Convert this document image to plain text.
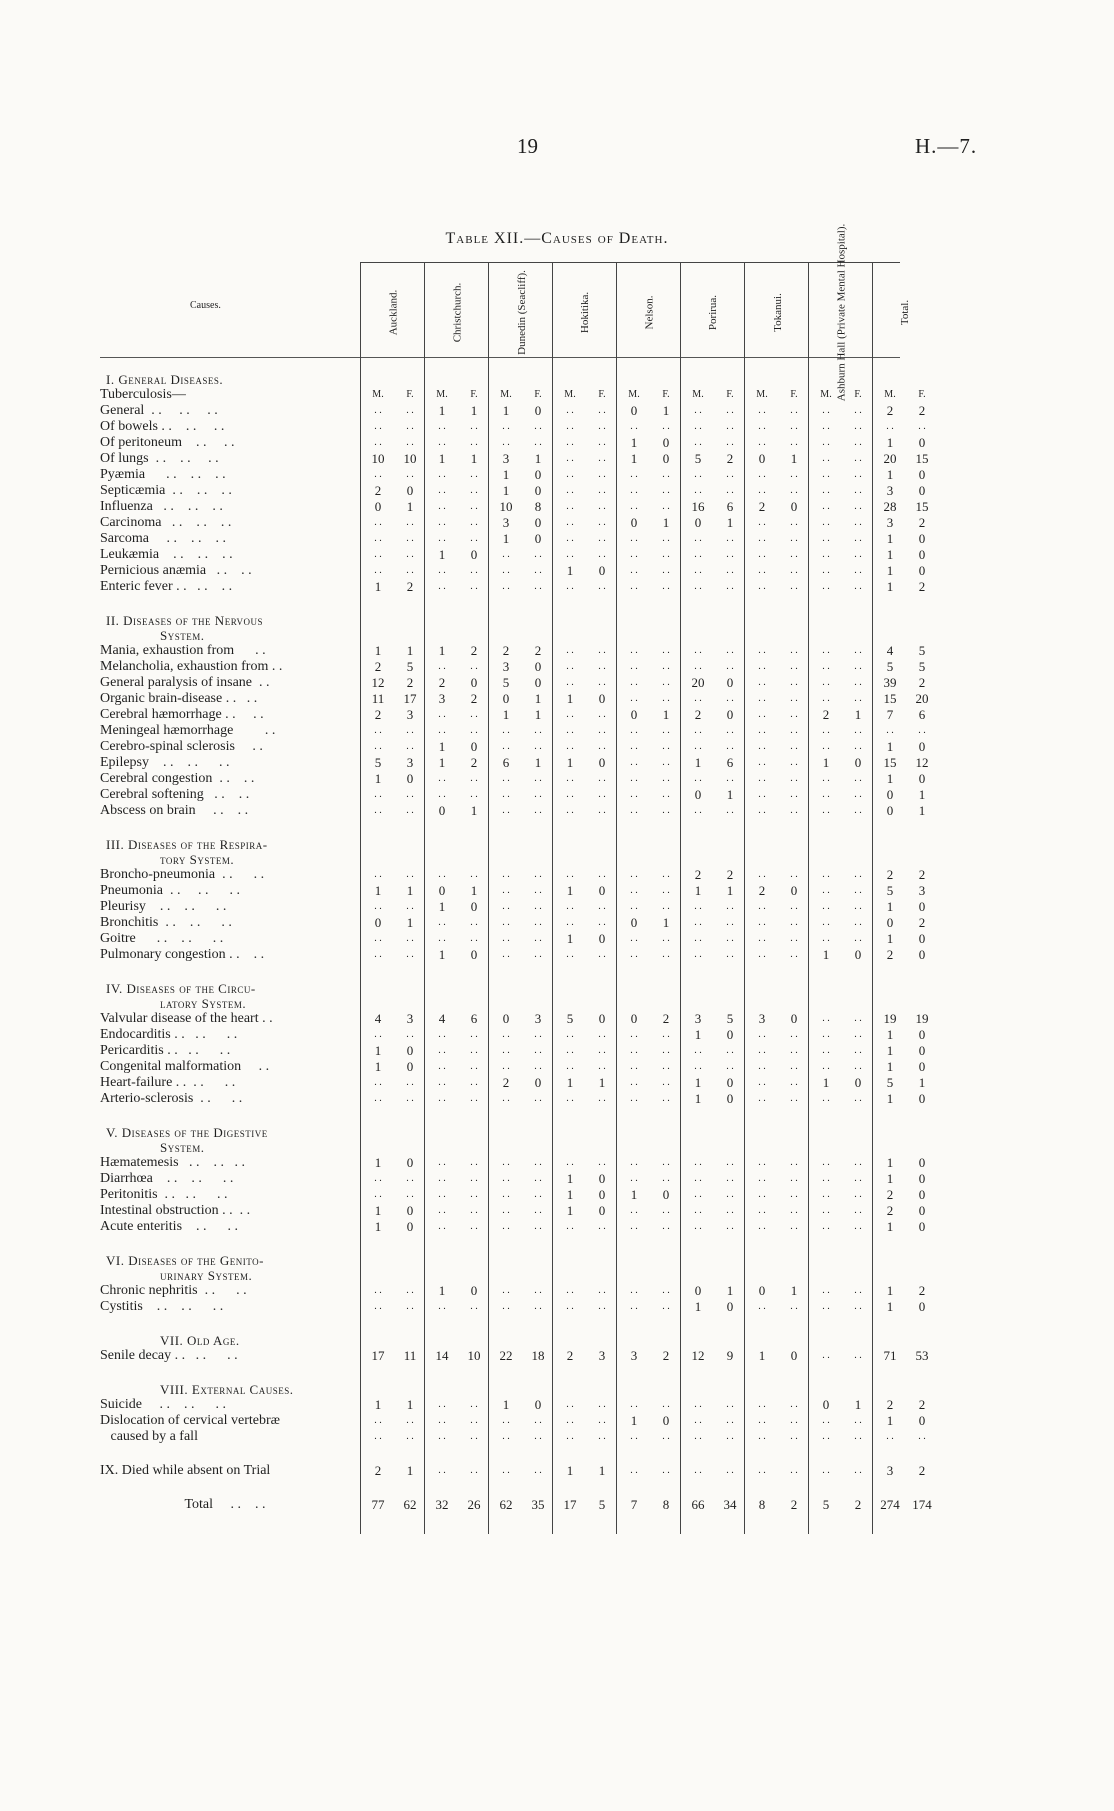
19	H.—7.
Table XII.—Causes of Death.
Causes.	Auckland.	Christchurch.	Dunedin (Seacliff).	Hokitika.	Nelson.	Porirua.	Tokanui.	Ashburn Hall (Private Mental Hospital).	Total.
I. General Diseases.
Tuberculosis—	M.	F.	M.	F.	M.	F.	M.	F.	M.	F.	M.	F.	M.	F.	M.	F.	M.	F.
General  . .     . .     . .	. .	. .	1	1	1	0	. .	. .	0	1	. .	. .	. .	. .	. .	. .	2	2
Of bowels . .    . .     . .	. .	. .	. .	. .	. .	. .	. .	. .	. .	. .	. .	. .	. .	. .	. .	. .	. .	. .
Of peritoneum    . .     . .	. .	. .	. .	. .	. .	. .	. .	. .	1	0	. .	. .	. .	. .	. .	. .	1	0
Of lungs  . .    . .     . .	10	10	1	1	3	1	. .	. .	1	0	5	2	0	1	. .	. .	20	15
Pyæmia      . .    . .    . .	. .	. .	. .	. .	1	0	. .	. .	. .	. .	. .	. .	. .	. .	. .	. .	1	0
Septicæmia  . .    . .    . .	2	0	. .	. .	1	0	. .	. .	. .	. .	. .	. .	. .	. .	. .	. .	3	0
Influenza   . .    . .    . .	0	1	. .	. .	10	8	. .	. .	. .	. .	16	6	2	0	. .	. .	28	15
Carcinoma   . .    . .    . .	. .	. .	. .	. .	3	0	. .	. .	0	1	0	1	. .	. .	. .	. .	3	2
Sarcoma     . .    . .    . .	. .	. .	. .	. .	1	0	. .	. .	. .	. .	. .	. .	. .	. .	. .	. .	1	0
Leukæmia    . .    . .    . .	. .	. .	1	0	. .	. .	. .	. .	. .	. .	. .	. .	. .	. .	. .	. .	1	0
Pernicious anæmia   . .    . .	. .	. .	. .	. .	. .	. .	1	0	. .	. .	. .	. .	. .	. .	. .	. .	1	0
Enteric fever . .   . .    . .	1	2	. .	. .	. .	. .	. .	. .	. .	. .	. .	. .	. .	. .	. .	. .	1	2
II. Diseases of the Nervous
System.
Mania, exhaustion from      . .	1	1	1	2	2	2	. .	. .	. .	. .	. .	. .	. .	. .	. .	. .	4	5
Melancholia, exhaustion from . .	2	5	. .	. .	3	0	. .	. .	. .	. .	. .	. .	. .	. .	. .	. .	5	5
General paralysis of insane  . .	12	2	2	0	5	0	. .	. .	. .	. .	20	0	. .	. .	. .	. .	39	2
Organic brain-disease . .   . .	11	17	3	2	0	1	1	0	. .	. .	. .	. .	. .	. .	. .	. .	15	20
Cerebral hæmorrhage . .     . .	2	3	. .	. .	1	1	. .	. .	0	1	2	0	. .	. .	2	1	7	6
Meningeal hæmorrhage         . .	. .	. .	. .	. .	. .	. .	. .	. .	. .	. .	. .	. .	. .	. .	. .	. .	. .	. .
Cerebro-spinal sclerosis     . .	. .	. .	1	0	. .	. .	. .	. .	. .	. .	. .	. .	. .	. .	. .	. .	1	0
Epilepsy    . .    . .      . .	5	3	1	2	6	1	1	0	. .	. .	1	6	. .	. .	1	0	15	12
Cerebral congestion  . .    . .	1	0	. .	. .	. .	. .	. .	. .	. .	. .	. .	. .	. .	. .	. .	. .	1	0
Cerebral softening   . .    . .	. .	. .	. .	. .	. .	. .	. .	. .	. .	. .	0	1	. .	. .	. .	. .	0	1
Abscess on brain     . .    . .	. .	. .	0	1	. .	. .	. .	. .	. .	. .	. .	. .	. .	. .	. .	. .	0	1
III. Diseases of the Respira-
tory System.
Broncho-pneumonia  . .      . .	. .	. .	. .	. .	. .	. .	. .	. .	. .	. .	2	2	. .	. .	. .	. .	2	2
Pneumonia  . .     . .      . .	1	1	0	1	. .	. .	1	0	. .	. .	1	1	2	0	. .	. .	5	3
Pleurisy    . .    . .      . .	. .	. .	1	0	. .	. .	. .	. .	. .	. .	. .	. .	. .	. .	. .	. .	1	0
Bronchitis  . .    . .      . .	0	1	. .	. .	. .	. .	. .	. .	0	1	. .	. .	. .	. .	. .	. .	0	2
Goitre      . .    . .      . .	. .	. .	. .	. .	. .	. .	1	0	. .	. .	. .	. .	. .	. .	. .	. .	1	0
Pulmonary congestion . .    . .	. .	. .	1	0	. .	. .	. .	. .	. .	. .	. .	. .	. .	. .	1	0	2	0
IV. Diseases of the Circu-
latory System.
Valvular disease of the heart . .	4	3	4	6	0	3	5	0	0	2	3	5	3	0	. .	. .	19	19
Endocarditis . .   . .      . .	. .	. .	. .	. .	. .	. .	. .	. .	. .	. .	1	0	. .	. .	. .	. .	1	0
Pericarditis . .   . .      . .	1	0	. .	. .	. .	. .	. .	. .	. .	. .	. .	. .	. .	. .	. .	. .	1	0
Congenital malformation     . .	1	0	. .	. .	. .	. .	. .	. .	. .	. .	. .	. .	. .	. .	. .	. .	1	0
Heart-failure . .  . .      . .	. .	. .	. .	. .	2	0	1	1	. .	. .	1	0	. .	. .	1	0	5	1
Arterio-sclerosis  . .      . .	. .	. .	. .	. .	. .	. .	. .	. .	. .	. .	1	0	. .	. .	. .	. .	1	0
V. Diseases of the Digestive
System.
Hæmatemesis   . .    . .   . .	1	0	. .	. .	. .	. .	. .	. .	. .	. .	. .	. .	. .	. .	. .	. .	1	0
Diarrhœa    . .    . .      . .	. .	. .	. .	. .	. .	. .	1	0	. .	. .	. .	. .	. .	. .	. .	. .	1	0
Peritonitis  . .   . .      . .	. .	. .	. .	. .	. .	. .	1	0	1	0	. .	. .	. .	. .	. .	. .	2	0
Intestinal obstruction . .  . .	1	0	. .	. .	. .	. .	1	0	. .	. .	. .	. .	. .	. .	. .	. .	2	0
Acute enteritis    . .      . .	1	0	. .	. .	. .	. .	. .	. .	. .	. .	. .	. .	. .	. .	. .	. .	1	0
VI. Diseases of the Genito-
urinary System.
Chronic nephritis  . .      . .	. .	. .	1	0	. .	. .	. .	. .	. .	. .	0	1	0	1	. .	. .	1	2
Cystitis    . .    . .      . .	. .	. .	. .	. .	. .	. .	. .	. .	. .	. .	1	0	. .	. .	. .	. .	1	0
VII. Old Age.
Senile decay . .   . .      . .	17	11	14	10	22	18	2	3	3	2	12	9	1	0	. .	. .	71	53
VIII. External Causes.
Suicide     . .    . .      . .	1	1	. .	. .	1	0	. .	. .	. .	. .	. .	. .	. .	. .	0	1	2	2
Dislocation of cervical vertebræ	. .	. .	. .	. .	. .	. .	. .	. .	1	0	. .	. .	. .	. .	. .	. .	1	0
caused by a fall	. .	. .	. .	. .	. .	. .	. .	. .	. .	. .	. .	. .	. .	. .	. .	. .	. .	. .
IX. Died while absent on Trial	2	1	. .	. .	. .	. .	1	1	. .	. .	. .	. .	. .	. .	. .	. .	3	2
Total     . .    . .	77	62	32	26	62	35	17	5	7	8	66	34	8	2	5	2	274 174
